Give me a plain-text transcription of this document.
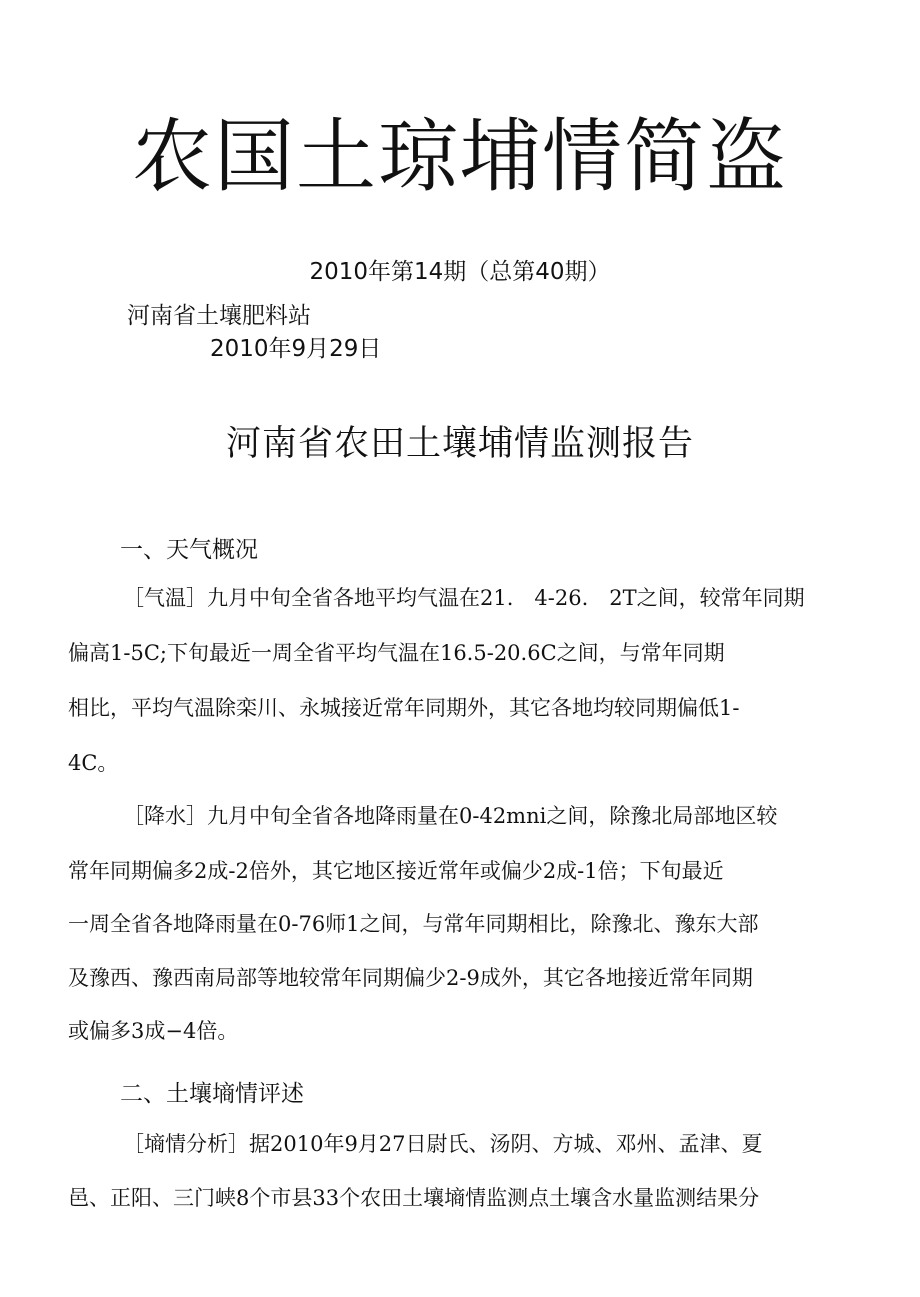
农国土琼埔情简盗
2010年第14期（总第40期）
河南省土壤肥料站
2010年9月29日
河南省农田土壤埔情监测报告
一、天气概况
［气温］九月中旬全省各地平均气温在21.　4-26.　2T之间，较常年同期
偏高1-5C;下旬最近一周全省平均气温在16.5-20.6C之间，与常年同期
相比，平均气温除栾川、永城接近常年同期外，其它各地均较同期偏低1-
4C。
［降水］九月中旬全省各地降雨量在0-42mni之间，除豫北局部地区较
常年同期偏多2成-2倍外，其它地区接近常年或偏少2成-1倍；下旬最近
一周全省各地降雨量在0-76师1之间，与常年同期相比，除豫北、豫东大部
及豫西、豫西南局部等地较常年同期偏少2-9成外，其它各地接近常年同期
或偏多3成−4倍。
二、土壤墒情评述
［墒情分析］据2010年9月27日尉氏、汤阴、方城、邓州、孟津、夏
邑、正阳、三门峡8个市县33个农田土壤墒情监测点土壤含水量监测结果分
